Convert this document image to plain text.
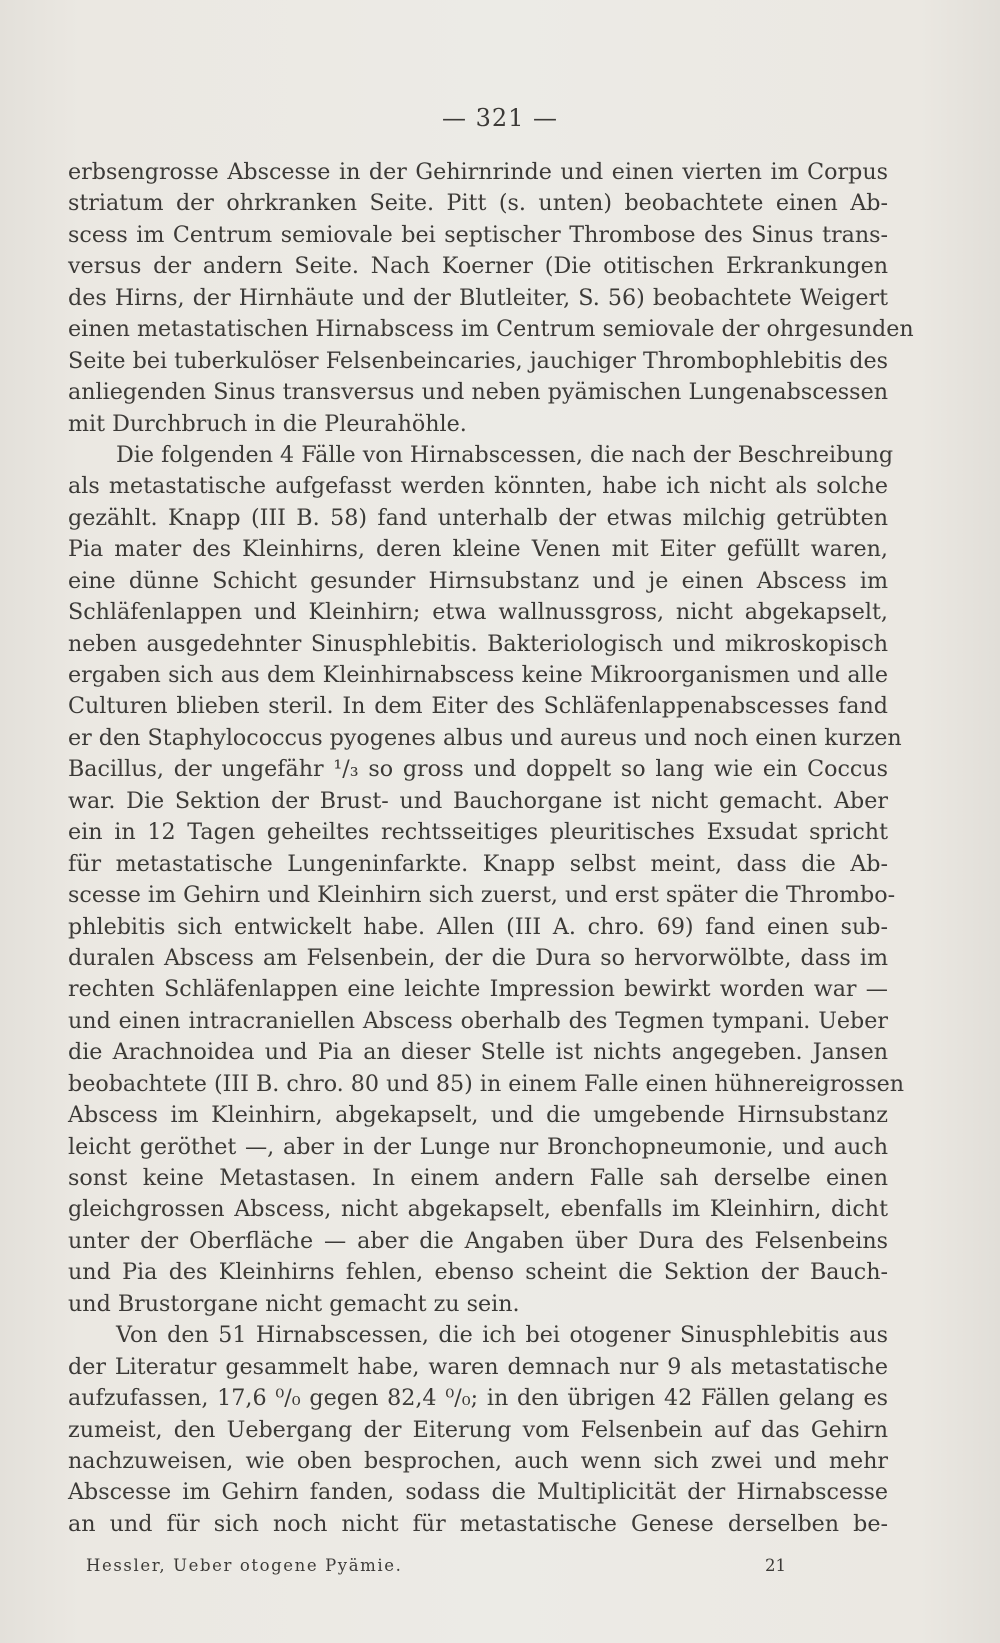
— 321 —
erbsengrosse Abscesse in der Gehirnrinde und einen vierten im Corpus
striatum der ohrkranken Seite. Pitt (s. unten) beobachtete einen Ab-
scess im Centrum semiovale bei septischer Thrombose des Sinus trans-
versus der andern Seite. Nach Koerner (Die otitischen Erkrankungen
des Hirns, der Hirnhäute und der Blutleiter, S. 56) beobachtete Weigert
einen metastatischen Hirnabscess im Centrum semiovale der ohrgesunden
Seite bei tuberkulöser Felsenbeincaries, jauchiger Thrombophlebitis des
anliegenden Sinus transversus und neben pyämischen Lungenabscessen
mit Durchbruch in die Pleurahöhle.
Die folgenden 4 Fälle von Hirnabscessen, die nach der Beschreibung
als metastatische aufgefasst werden könnten, habe ich nicht als solche
gezählt. Knapp (III B. 58) fand unterhalb der etwas milchig getrübten
Pia mater des Kleinhirns, deren kleine Venen mit Eiter gefüllt waren,
eine dünne Schicht gesunder Hirnsubstanz und je einen Abscess im
Schläfenlappen und Kleinhirn; etwa wallnussgross, nicht abgekapselt,
neben ausgedehnter Sinusphlebitis. Bakteriologisch und mikroskopisch
ergaben sich aus dem Kleinhirnabscess keine Mikroorganismen und alle
Culturen blieben steril. In dem Eiter des Schläfenlappenabscesses fand
er den Staphylococcus pyogenes albus und aureus und noch einen kurzen
Bacillus, der ungefähr ¹/₃ so gross und doppelt so lang wie ein Coccus
war. Die Sektion der Brust- und Bauchorgane ist nicht gemacht. Aber
ein in 12 Tagen geheiltes rechtsseitiges pleuritisches Exsudat spricht
für metastatische Lungeninfarkte. Knapp selbst meint, dass die Ab-
scesse im Gehirn und Kleinhirn sich zuerst, und erst später die Thrombo-
phlebitis sich entwickelt habe. Allen (III A. chro. 69) fand einen sub-
duralen Abscess am Felsenbein, der die Dura so hervorwölbte, dass im
rechten Schläfenlappen eine leichte Impression bewirkt worden war —
und einen intracraniellen Abscess oberhalb des Tegmen tympani. Ueber
die Arachnoidea und Pia an dieser Stelle ist nichts angegeben. Jansen
beobachtete (III B. chro. 80 und 85) in einem Falle einen hühnereigrossen
Abscess im Kleinhirn, abgekapselt, und die umgebende Hirnsubstanz
leicht geröthet —, aber in der Lunge nur Bronchopneumonie, und auch
sonst keine Metastasen. In einem andern Falle sah derselbe einen
gleichgrossen Abscess, nicht abgekapselt, ebenfalls im Kleinhirn, dicht
unter der Oberfläche — aber die Angaben über Dura des Felsenbeins
und Pia des Kleinhirns fehlen, ebenso scheint die Sektion der Bauch-
und Brustorgane nicht gemacht zu sein.
Von den 51 Hirnabscessen, die ich bei otogener Sinusphlebitis aus
der Literatur gesammelt habe, waren demnach nur 9 als metastatische
aufzufassen, 17,6 ⁰/₀ gegen 82,4 ⁰/₀; in den übrigen 42 Fällen gelang es
zumeist, den Uebergang der Eiterung vom Felsenbein auf das Gehirn
nachzuweisen, wie oben besprochen, auch wenn sich zwei und mehr
Abscesse im Gehirn fanden, sodass die Multiplicität der Hirnabscesse
an und für sich noch nicht für metastatische Genese derselben be-
Hessler, Ueber otogene Pyämie.	21
